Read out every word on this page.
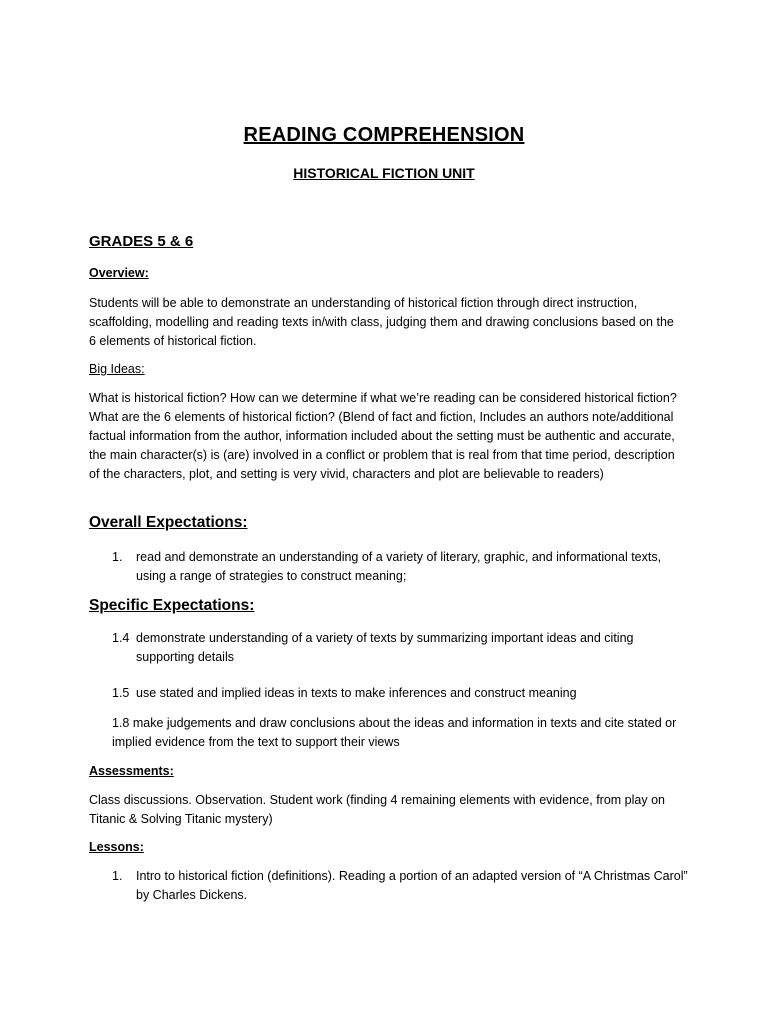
READING COMPREHENSION
HISTORICAL FICTION UNIT
GRADES 5 & 6
Overview:
Students will be able to demonstrate an understanding of historical fiction through direct instruction, scaffolding, modelling and reading texts in/with class, judging them and drawing conclusions based on the 6 elements of historical fiction.
Big Ideas:
What is historical fiction? How can we determine if what we’re reading can be considered historical fiction? What are the 6 elements of historical fiction? (Blend of fact and fiction, Includes an authors note/additional factual information from the author, information included about the setting must be authentic and accurate, the main character(s) is (are) involved in a conflict or problem that is real from that time period, description of the characters, plot, and setting is very vivid, characters and plot are believable to readers)
Overall Expectations:
1. read and demonstrate an understanding of a variety of literary, graphic, and informational texts, using a range of strategies to construct meaning;
Specific Expectations:
1.4 demonstrate understanding of a variety of texts by summarizing important ideas and citing supporting details
1.5 use stated and implied ideas in texts to make inferences and construct meaning
1.8 make judgements and draw conclusions about the ideas and information in texts and cite stated or implied evidence from the text to support their views
Assessments:
Class discussions. Observation. Student work (finding 4 remaining elements with evidence, from play on Titanic & Solving Titanic mystery)
Lessons:
1. Intro to historical fiction (definitions). Reading a portion of an adapted version of “A Christmas Carol” by Charles Dickens.
